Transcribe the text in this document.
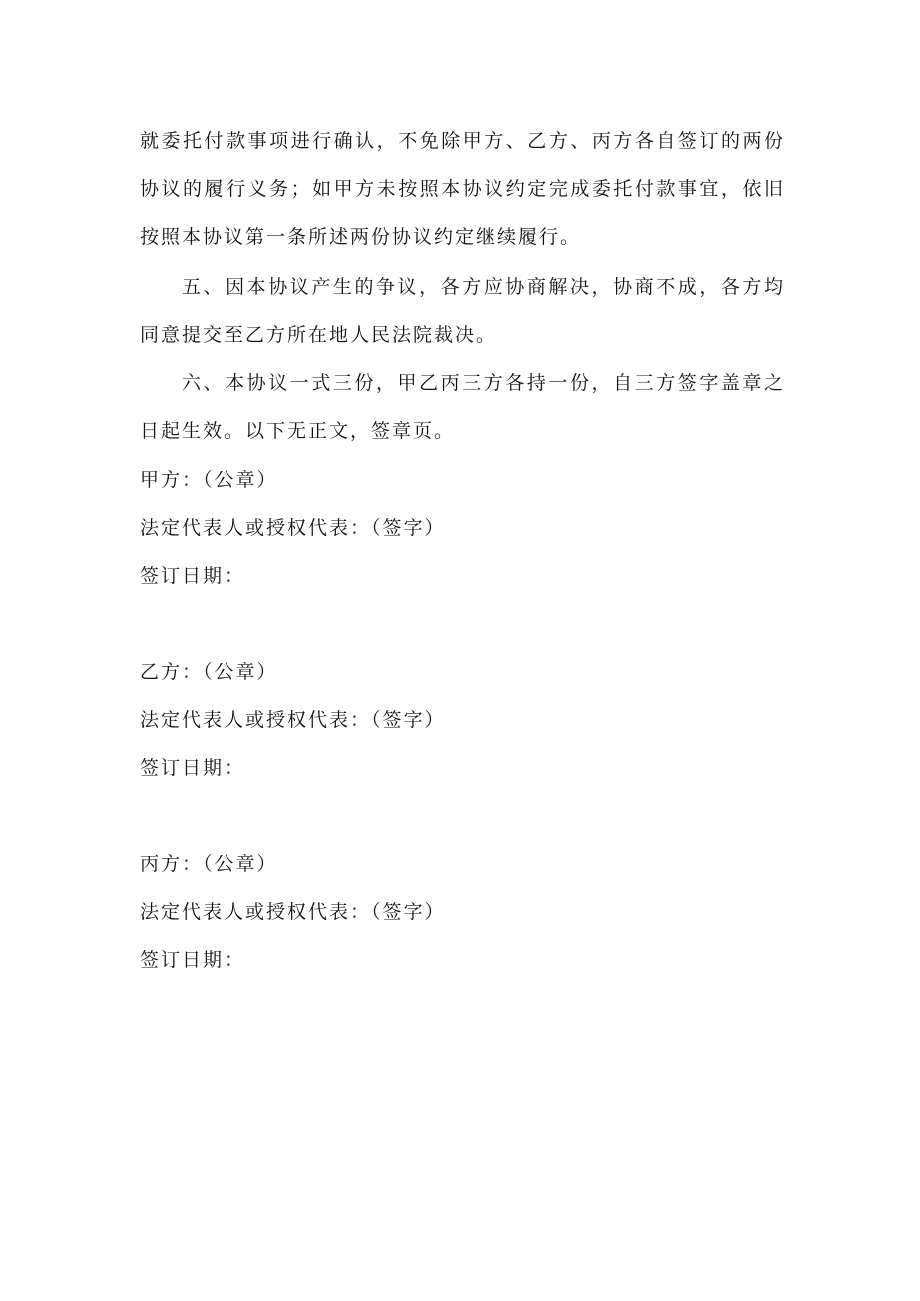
就委托付款事项进行确认，不免除甲方、乙方、丙方各自签订的两份协议的履行义务；如甲方未按照本协议约定完成委托付款事宜，依旧按照本协议第一条所述两份协议约定继续履行。

五、因本协议产生的争议，各方应协商解决，协商不成，各方均同意提交至乙方所在地人民法院裁决。

六、本协议一式三份，甲乙丙三方各持一份，自三方签字盖章之日起生效。以下无正文，签章页。

甲方：（公章）
法定代表人或授权代表：（签字）
签订日期：
乙方：（公章）
法定代表人或授权代表：（签字）
签订日期：
丙方：（公章）
法定代表人或授权代表：（签字）
签订日期：
